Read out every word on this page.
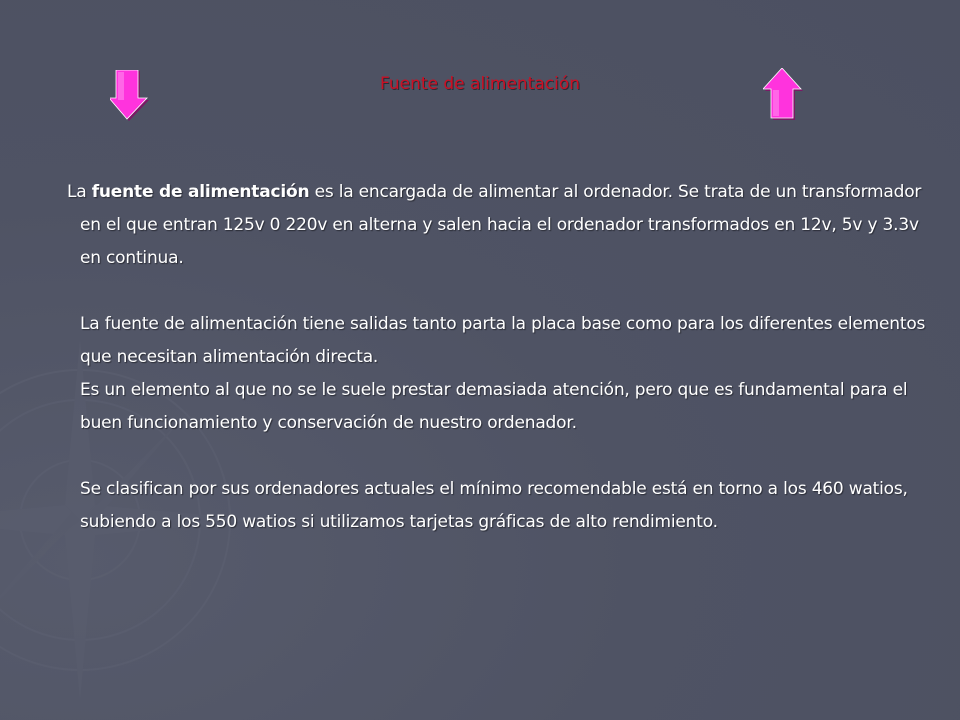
Fuente de alimentación

La fuente de alimentación es la encargada de alimentar al ordenador. Se trata de un transformador en el que entran 125v 0 220v en alterna y salen hacia el ordenador transformados en 12v, 5v y 3.3v en continua.

La fuente de alimentación tiene salidas tanto parta la placa base como para los diferentes elementos que necesitan alimentación directa.

Es un elemento al que no se le suele prestar demasiada atención, pero que es fundamental para el buen funcionamiento y conservación de nuestro ordenador.

Se clasifican por sus ordenadores actuales el mínimo recomendable está en torno a los 460 watios, subiendo a los 550 watios si utilizamos tarjetas gráficas de alto rendimiento.
